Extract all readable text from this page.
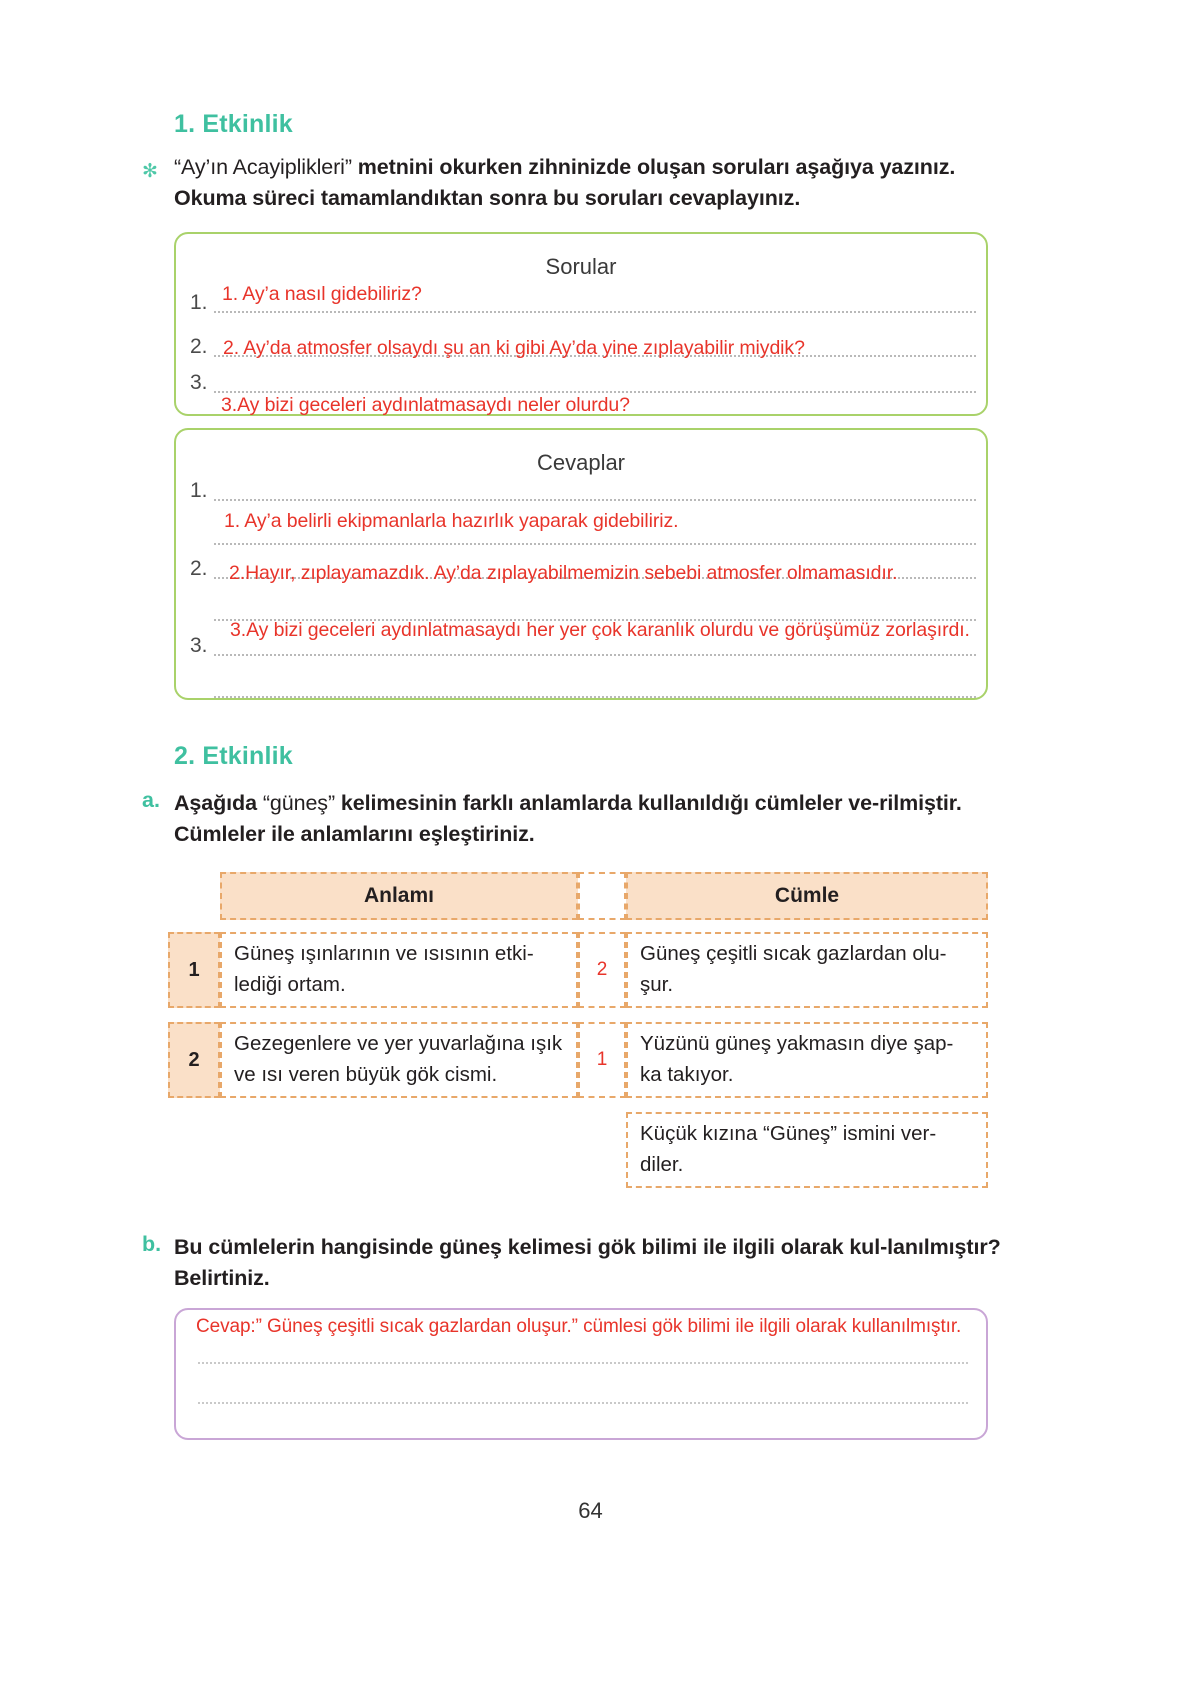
1. Etkinlik
✻ “Ay’ın Acayiplikleri” metnini okurken zihninizde oluşan soruları aşağıya yazınız. Okuma süreci tamamlandıktan sonra bu soruları cevaplayınız.
Sorular
1.
2.
3.
1. Ay’a nasıl gidebiliriz?
2. Ay’da atmosfer olsaydı şu an ki gibi Ay’da yine zıplayabilir miydik?
3.Ay bizi geceleri aydınlatmasaydı neler olurdu?
Cevaplar
1.
2.
3.
1. Ay’a belirli ekipmanlarla hazırlık yaparak gidebiliriz.
2.Hayır, zıplayamazdık. Ay’da zıplayabilmemizin sebebi atmosfer olmamasıdır.
3.Ay bizi geceleri aydınlatmasaydı her yer çok karanlık olurdu ve görüşümüz zorlaşırdı.
2. Etkinlik
a. Aşağıda “güneş” kelimesinin farklı anlamlarda kullanıldığı cümleler ve-rilmiştir. Cümleler ile anlamlarını eşleştiriniz.
Anlamı	Cümle
1
Güneş ışınlarının ve ısısının etki-lediği ortam.
2
Güneş çeşitli sıcak gazlardan olu-şur.
2
Gezegenlere ve yer yuvarlağına ışık ve ısı veren büyük gök cismi.
1
Yüzünü güneş yakmasın diye şap-ka takıyor.
Küçük kızına “Güneş” ismini ver-diler.
b. Bu cümlelerin hangisinde güneş kelimesi gök bilimi ile ilgili olarak kul-lanılmıştır? Belirtiniz.
Cevap:” Güneş çeşitli sıcak gazlardan oluşur.” cümlesi gök bilimi ile ilgili olarak kullanılmıştır.
64
